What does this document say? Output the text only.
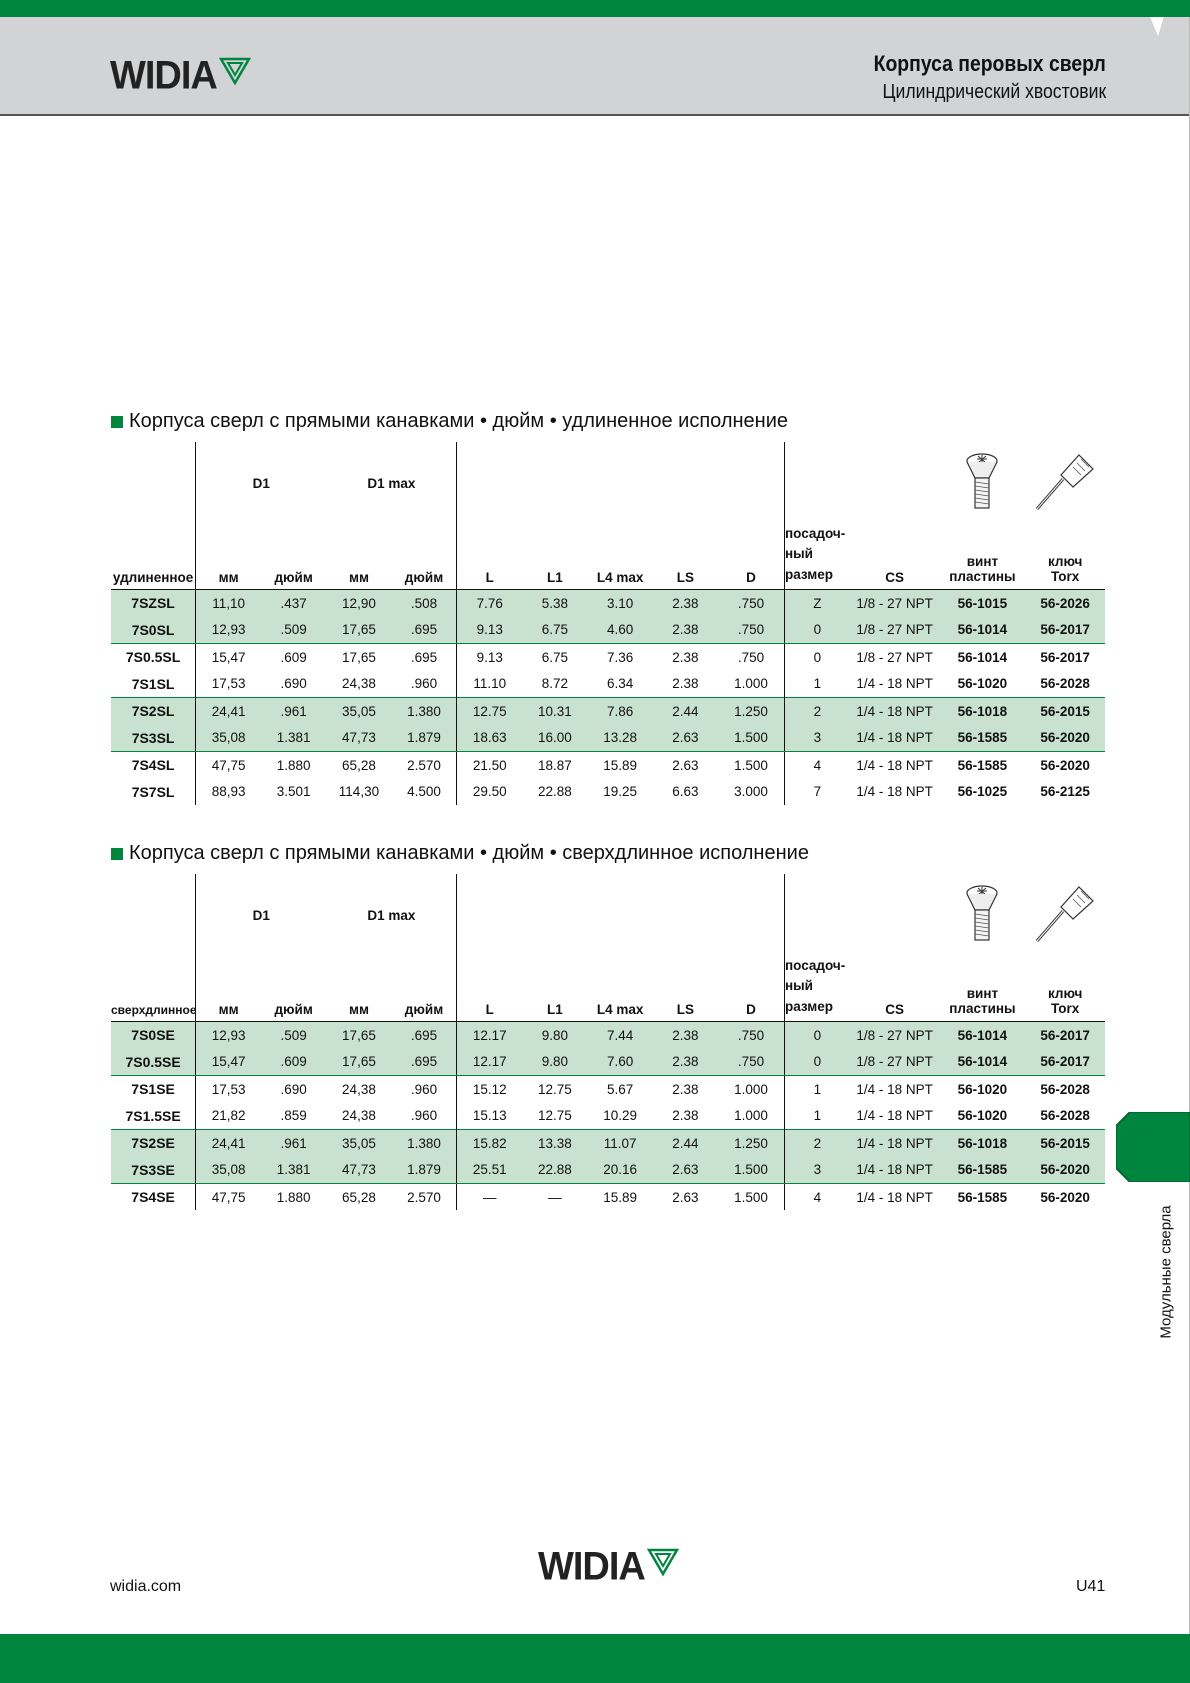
WIDIA	Корпуса перовых сверл
Цилиндрический хвостовик
Корпуса сверл с прямыми канавками • дюйм • удлиненное исполнение
	D1		D1 max				
удлиненное	мм	дюйм	мм	дюйм	L	L1	L4 max	LS	D	посадоч-
ный размер	CS	винт
пластины	ключ
Torx
7SZSL	11,10	.437	12,90	.508	7.76	5.38	3.10	2.38	.750	Z	1/8 - 27 NPT	56-1015	56-2026
7S0SL	12,93	.509	17,65	.695	9.13	6.75	4.60	2.38	.750	0	1/8 - 27 NPT	56-1014	56-2017
7S0.5SL	15,47	.609	17,65	.695	9.13	6.75	7.36	2.38	.750	0	1/8 - 27 NPT	56-1014	56-2017
7S1SL	17,53	.690	24,38	.960	11.10	8.72	6.34	2.38	1.000	1	1/4 - 18 NPT	56-1020	56-2028
7S2SL	24,41	.961	35,05	1.380	12.75	10.31	7.86	2.44	1.250	2	1/4 - 18 NPT	56-1018	56-2015
7S3SL	35,08	1.381	47,73	1.879	18.63	16.00	13.28	2.63	1.500	3	1/4 - 18 NPT	56-1585	56-2020
7S4SL	47,75	1.880	65,28	2.570	21.50	18.87	15.89	2.63	1.500	4	1/4 - 18 NPT	56-1585	56-2020
7S7SL	88,93	3.501	114,30	4.500	29.50	22.88	19.25	6.63	3.000	7	1/4 - 18 NPT	56-1025	56-2125
Корпуса сверл с прямыми канавками • дюйм • сверхдлинное исполнение
	D1		D1 max				
сверхдлинное	мм	дюйм	мм	дюйм	L	L1	L4 max	LS	D	посадоч-
ный размер	CS	винт
пластины	ключ
Torx
7S0SE	12,93	.509	17,65	.695	12.17	9.80	7.44	2.38	.750	0	1/8 - 27 NPT	56-1014	56-2017
7S0.5SE	15,47	.609	17,65	.695	12.17	9.80	7.60	2.38	.750	0	1/8 - 27 NPT	56-1014	56-2017
7S1SE	17,53	.690	24,38	.960	15.12	12.75	5.67	2.38	1.000	1	1/4 - 18 NPT	56-1020	56-2028
7S1.5SE	21,82	.859	24,38	.960	15.13	12.75	10.29	2.38	1.000	1	1/4 - 18 NPT	56-1020	56-2028
7S2SE	24,41	.961	35,05	1.380	15.82	13.38	11.07	2.44	1.250	2	1/4 - 18 NPT	56-1018	56-2015
7S3SE	35,08	1.381	47,73	1.879	25.51	22.88	20.16	2.63	1.500	3	1/4 - 18 NPT	56-1585	56-2020
7S4SE	47,75	1.880	65,28	2.570	—	—	15.89	2.63	1.500	4	1/4 - 18 NPT	56-1585	56-2020
Модульные сверла
widia.com	WIDIA	U41
